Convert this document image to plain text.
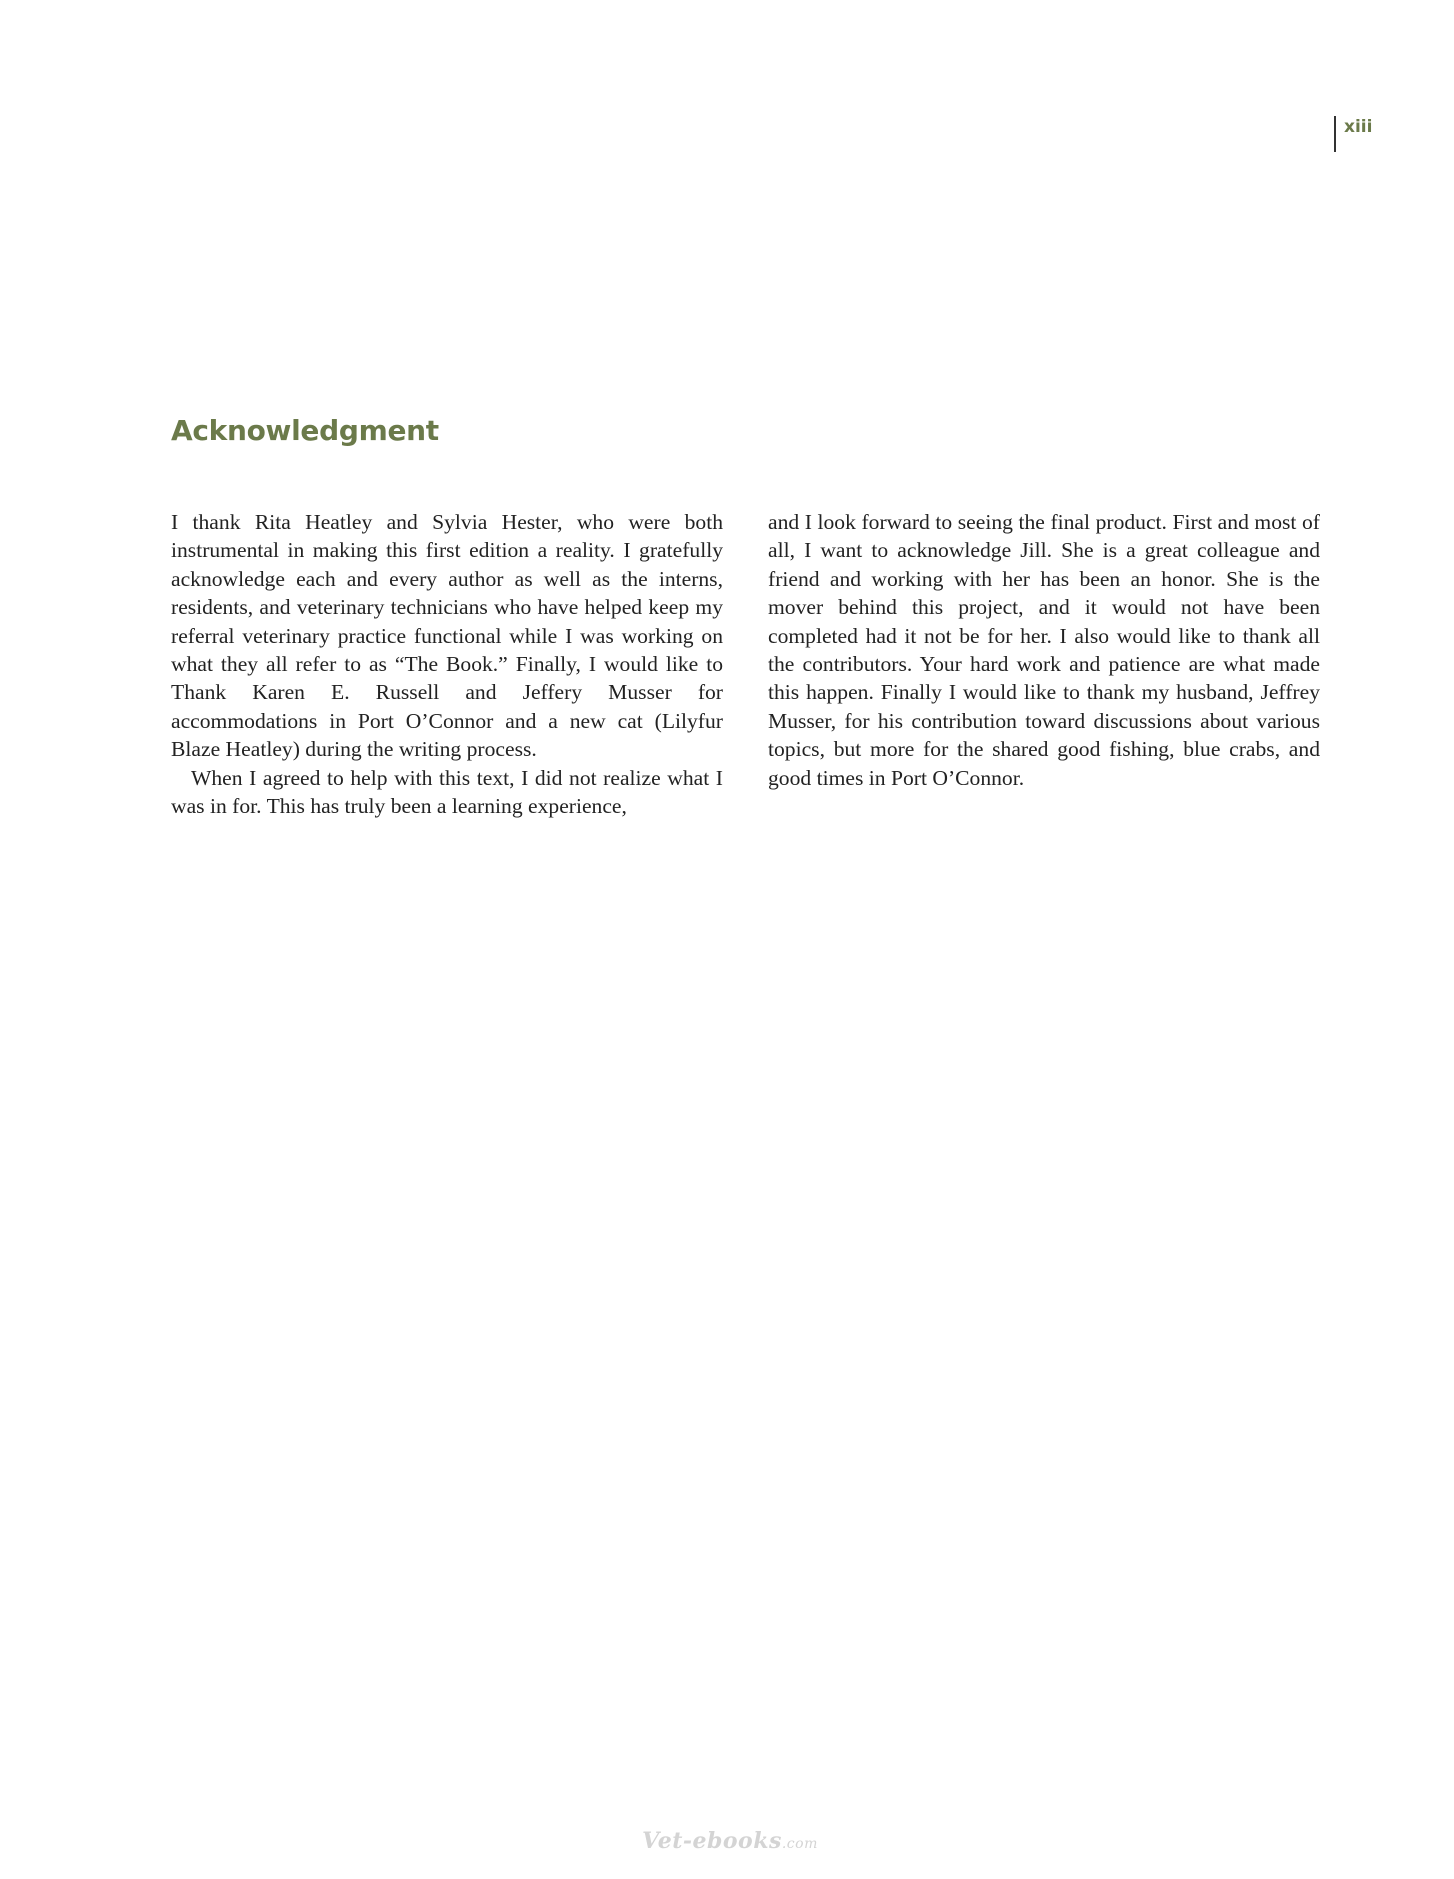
xiii
Acknowledgment

I thank Rita Heatley and Sylvia Hester, who were both instrumental in making this first edition a reality. I gratefully acknowledge each and every author as well as the interns, residents, and veterinary technicians who have helped keep my referral veterinary practice functional while I was working on what they all refer to as “The Book.” Finally, I would like to Thank Karen E. Russell and Jeffery Musser for accommodations in Port O’Connor and a new cat (Lilyfur Blaze Heatley) during the writing process.

When I agreed to help with this text, I did not realize what I was in for. This has truly been a learning experience,

and I look forward to seeing the final product. First and most of all, I want to acknowledge Jill. She is a great colleague and friend and working with her has been an honor. She is the mover behind this project, and it would not have been completed had it not be for her. I also would like to thank all the contributors. Your hard work and patience are what made this happen. Finally I would like to thank my husband, Jeffrey Musser, for his contribution toward discussions about various topics, but more for the shared good fishing, blue crabs, and good times in Port O’Connor.

Vet-ebooks.com
